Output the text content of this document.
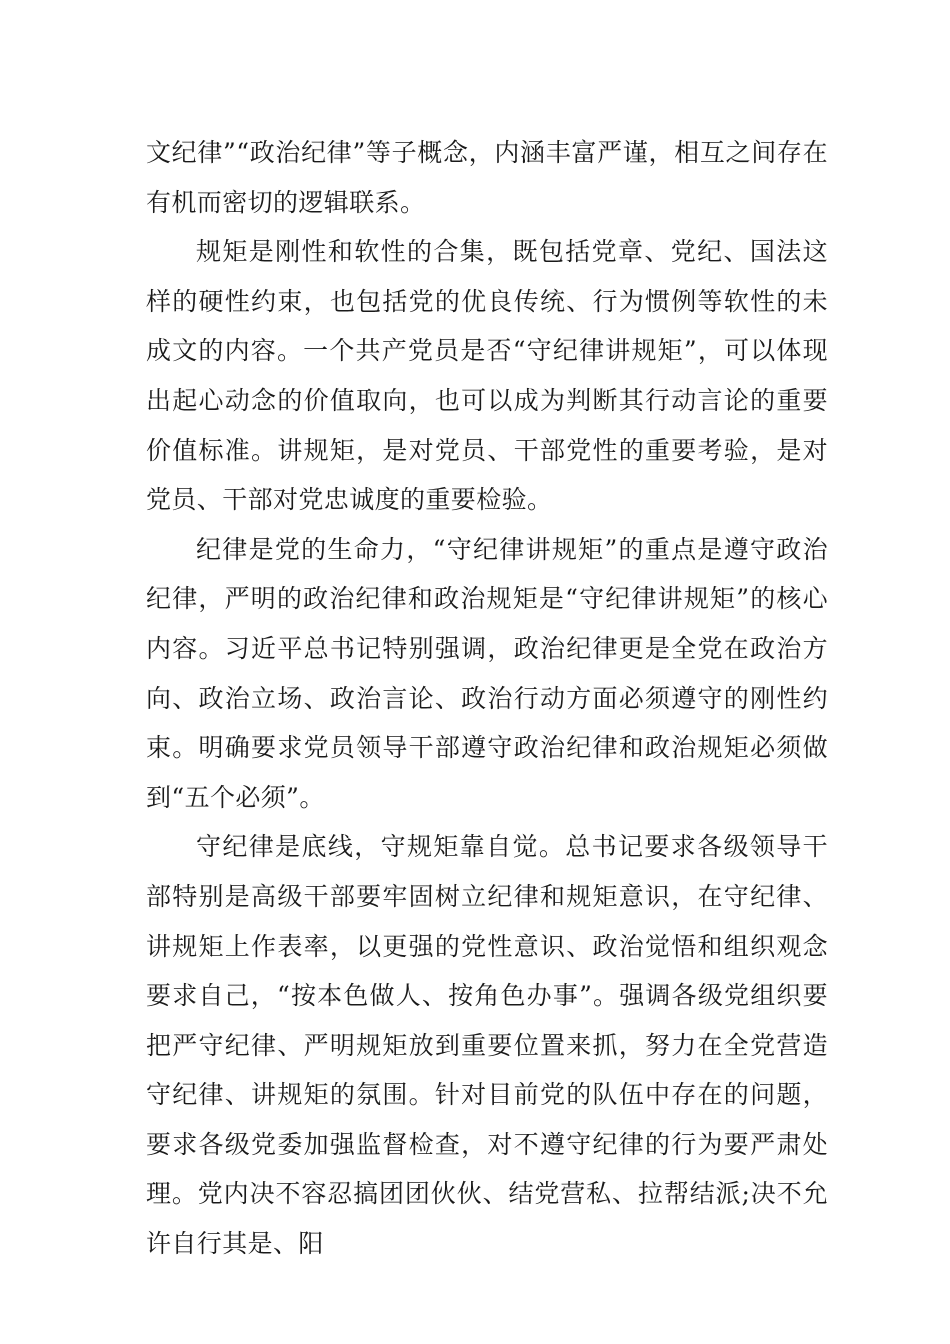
文纪律”“政治纪律”等子概念，内涵丰富严谨，相互之间存在有机而密切的逻辑联系。

规矩是刚性和软性的合集，既包括党章、党纪、国法这样的硬性约束，也包括党的优良传统、行为惯例等软性的未成文的内容。一个共产党员是否“守纪律讲规矩”，可以体现出起心动念的价值取向，也可以成为判断其行动言论的重要价值标准。讲规矩，是对党员、干部党性的重要考验，是对党员、干部对党忠诚度的重要检验。

纪律是党的生命力，“守纪律讲规矩”的重点是遵守政治纪律，严明的政治纪律和政治规矩是“守纪律讲规矩”的核心内容。习近平总书记特别强调，政治纪律更是全党在政治方向、政治立场、政治言论、政治行动方面必须遵守的刚性约束。明确要求党员领导干部遵守政治纪律和政治规矩必须做到“五个必须”。

守纪律是底线，守规矩靠自觉。总书记要求各级领导干部特别是高级干部要牢固树立纪律和规矩意识，在守纪律、讲规矩上作表率，以更强的党性意识、政治觉悟和组织观念要求自己，“按本色做人、按角色办事”。强调各级党组织要把严守纪律、严明规矩放到重要位置来抓，努力在全党营造守纪律、讲规矩的氛围。针对目前党的队伍中存在的问题，要求各级党委加强监督检查，对不遵守纪律的行为要严肃处理。党内决不容忍搞团团伙伙、结党营私、拉帮结派;决不允许自行其是、阳
